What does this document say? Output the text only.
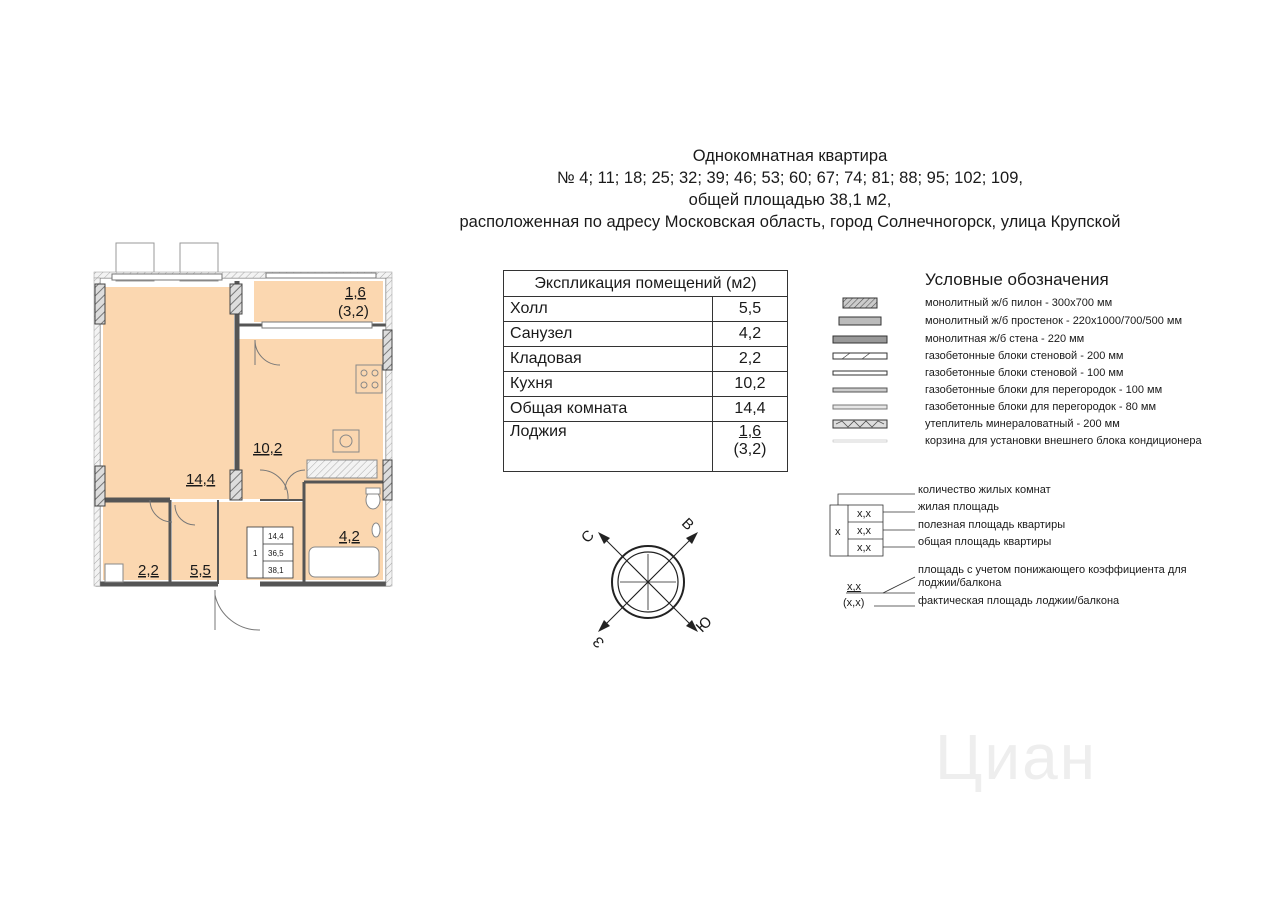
Однокомнатная квартира
№ 4; 11; 18; 25; 32; 39; 46; 53; 60; 67; 74; 81; 88; 95; 102; 109,
общей площадью 38,1 м2,
расположенная по адресу Московская область, город Солнечногорск, улица Крупской
14,4
10,2
1,6
(3,2)
2,2 5,5
4,2
1
14,4
36,5
38,1
Экспликация помещений (м2)	
Холл	5,5
Санузел	4,2
Кладовая	2,2
Кухня	10,2
Общая комната	14,4
Лоджия	1,6
(3,2)
С
В
Ю
З
Условные обозначения
монолитный ж/б пилон - 300х700 мм
монолитный ж/б простенок - 220х1000/700/500 мм
монолитная ж/б стена - 220 мм
газобетонные блоки стеновой - 200 мм
газобетонные блоки стеновой - 100 мм
газобетонные блоки для перегородок - 100 мм
газобетонные блоки для перегородок - 80 мм
утеплитель минераловатный - 200 мм
корзина для установки внешнего блока кондиционера
х
х,х
х,х
х,х
х,х
(х,х)
количество жилых комнат
жилая площадь
полезная площадь квартиры
общая площадь квартиры
площадь с учетом понижающего коэффициента для
лоджии/балкона
фактическая площадь лоджии/балкона
Циан
